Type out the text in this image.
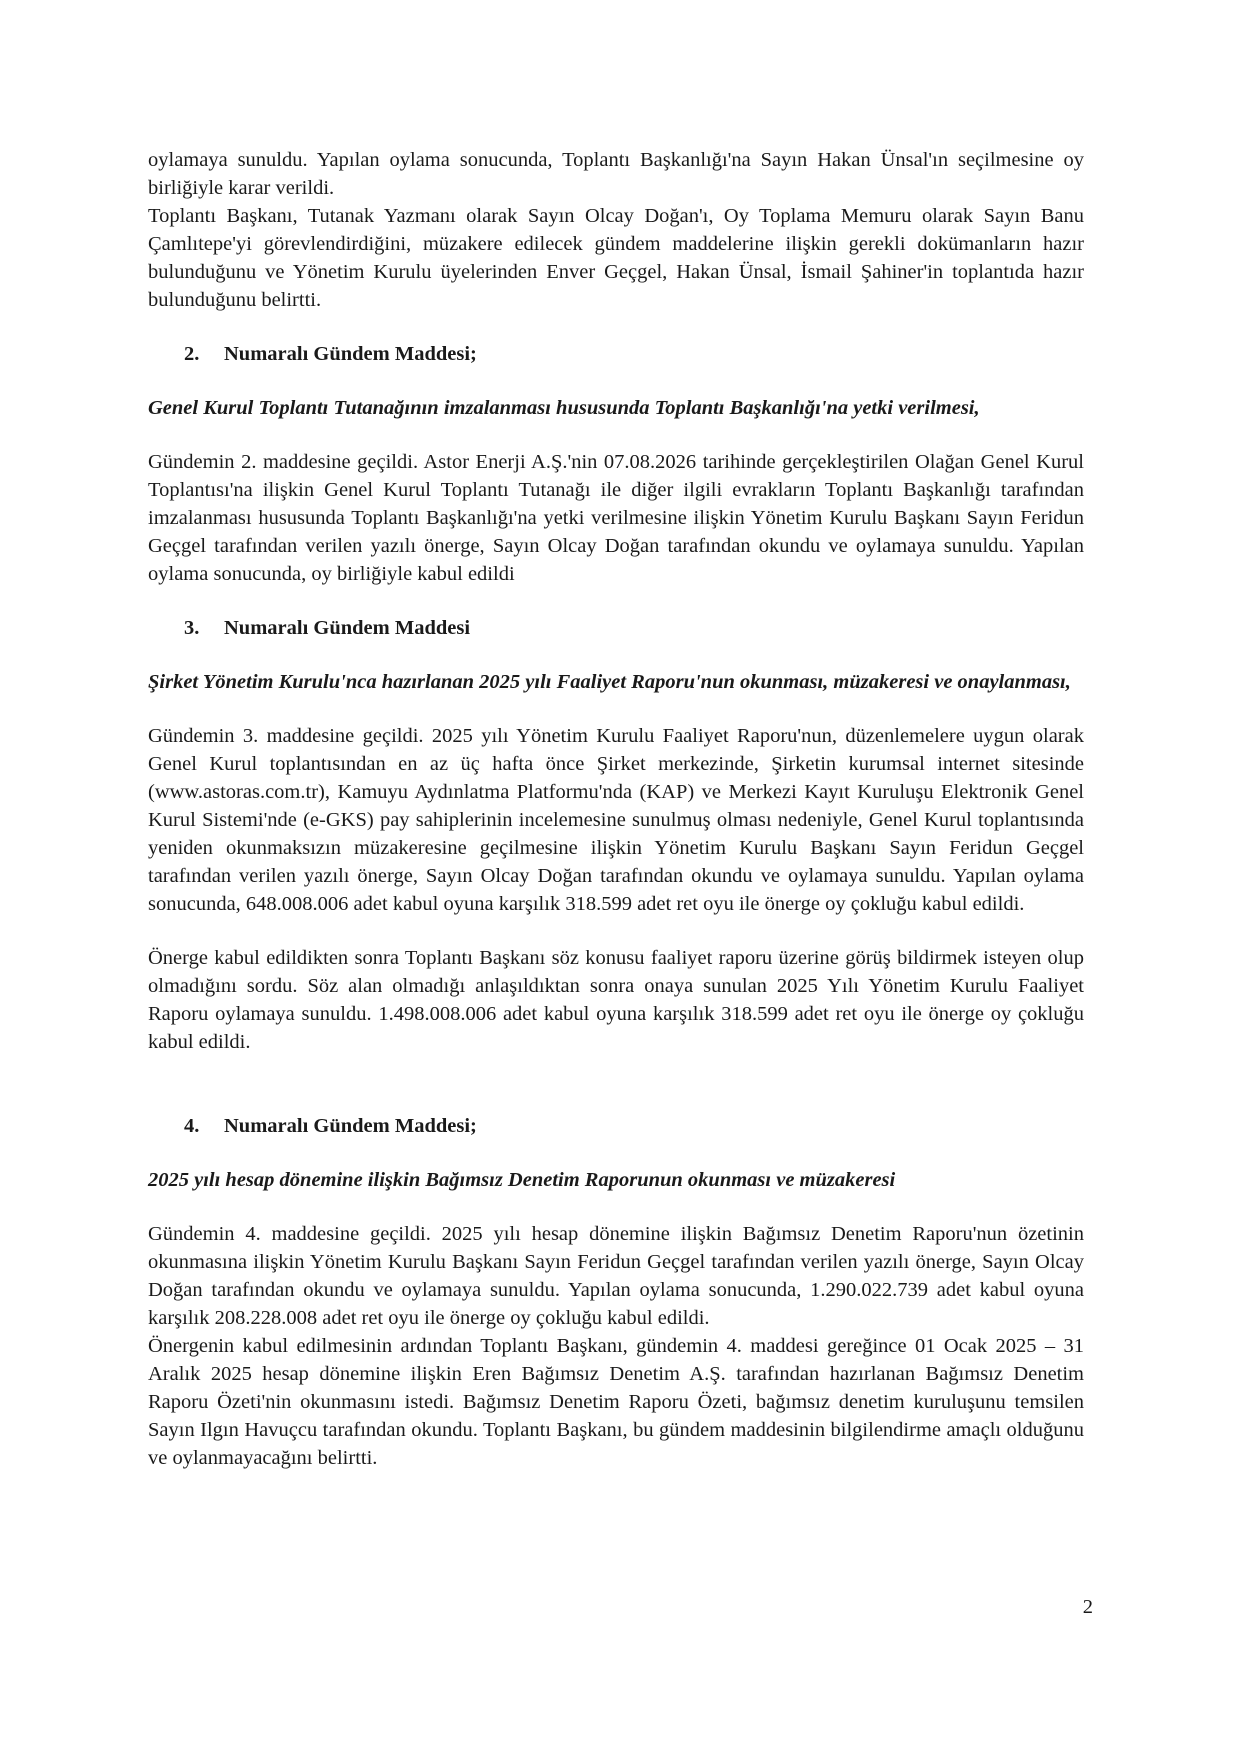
oylamaya sunuldu. Yapılan oylama sonucunda, Toplantı Başkanlığı'na Sayın Hakan Ünsal'ın seçilmesine oy birliğiyle karar verildi.

Toplantı Başkanı, Tutanak Yazmanı olarak Sayın Olcay Doğan'ı, Oy Toplama Memuru olarak Sayın Banu Çamlıtepe'yi görevlendirdiğini, müzakere edilecek gündem maddelerine ilişkin gerekli dokümanların hazır bulunduğunu ve Yönetim Kurulu üyelerinden Enver Geçgel, Hakan Ünsal, İsmail Şahiner'in toplantıda hazır bulunduğunu belirtti.

2.	Numaralı Gündem Maddesi;

Genel Kurul Toplantı Tutanağının imzalanması hususunda Toplantı Başkanlığı'na yetki verilmesi,

Gündemin 2. maddesine geçildi. Astor Enerji A.Ş.'nin 07.08.2026 tarihinde gerçekleştirilen Olağan Genel Kurul Toplantısı'na ilişkin Genel Kurul Toplantı Tutanağı ile diğer ilgili evrakların Toplantı Başkanlığı tarafından imzalanması hususunda Toplantı Başkanlığı'na yetki verilmesine ilişkin Yönetim Kurulu Başkanı Sayın Feridun Geçgel tarafından verilen yazılı önerge, Sayın Olcay Doğan tarafından okundu ve oylamaya sunuldu. Yapılan oylama sonucunda, oy birliğiyle kabul edildi

3.	Numaralı Gündem Maddesi

Şirket Yönetim Kurulu'nca hazırlanan 2025 yılı Faaliyet Raporu'nun okunması, müzakeresi ve onaylanması,

Gündemin 3. maddesine geçildi. 2025 yılı Yönetim Kurulu Faaliyet Raporu'nun, düzenlemelere uygun olarak Genel Kurul toplantısından en az üç hafta önce Şirket merkezinde, Şirketin kurumsal internet sitesinde (www.astoras.com.tr), Kamuyu Aydınlatma Platformu'nda (KAP) ve Merkezi Kayıt Kuruluşu Elektronik Genel Kurul Sistemi'nde (e-GKS) pay sahiplerinin incelemesine sunulmuş olması nedeniyle, Genel Kurul toplantısında yeniden okunmaksızın müzakeresine geçilmesine ilişkin Yönetim Kurulu Başkanı Sayın Feridun Geçgel tarafından verilen yazılı önerge, Sayın Olcay Doğan tarafından okundu ve oylamaya sunuldu. Yapılan oylama sonucunda, 648.008.006 adet kabul oyuna karşılık 318.599 adet ret oyu ile önerge oy çokluğu kabul edildi.

Önerge kabul edildikten sonra Toplantı Başkanı söz konusu faaliyet raporu üzerine görüş bildirmek isteyen olup olmadığını sordu. Söz alan olmadığı anlaşıldıktan sonra onaya sunulan 2025 Yılı Yönetim Kurulu Faaliyet Raporu oylamaya sunuldu. 1.498.008.006 adet kabul oyuna karşılık 318.599 adet ret oyu ile önerge oy çokluğu kabul edildi.

4.	Numaralı Gündem Maddesi;

2025 yılı hesap dönemine ilişkin Bağımsız Denetim Raporunun okunması ve müzakeresi

Gündemin 4. maddesine geçildi. 2025 yılı hesap dönemine ilişkin Bağımsız Denetim Raporu'nun özetinin okunmasına ilişkin Yönetim Kurulu Başkanı Sayın Feridun Geçgel tarafından verilen yazılı önerge, Sayın Olcay Doğan tarafından okundu ve oylamaya sunuldu. Yapılan oylama sonucunda, 1.290.022.739 adet kabul oyuna karşılık 208.228.008 adet ret oyu ile önerge oy çokluğu kabul edildi.

Önergenin kabul edilmesinin ardından Toplantı Başkanı, gündemin 4. maddesi gereğince 01 Ocak 2025 – 31 Aralık 2025 hesap dönemine ilişkin Eren Bağımsız Denetim A.Ş. tarafından hazırlanan Bağımsız Denetim Raporu Özeti'nin okunmasını istedi. Bağımsız Denetim Raporu Özeti, bağımsız denetim kuruluşunu temsilen Sayın Ilgın Havuçcu tarafından okundu. Toplantı Başkanı, bu gündem maddesinin bilgilendirme amaçlı olduğunu ve oylanmayacağını belirtti.

2
